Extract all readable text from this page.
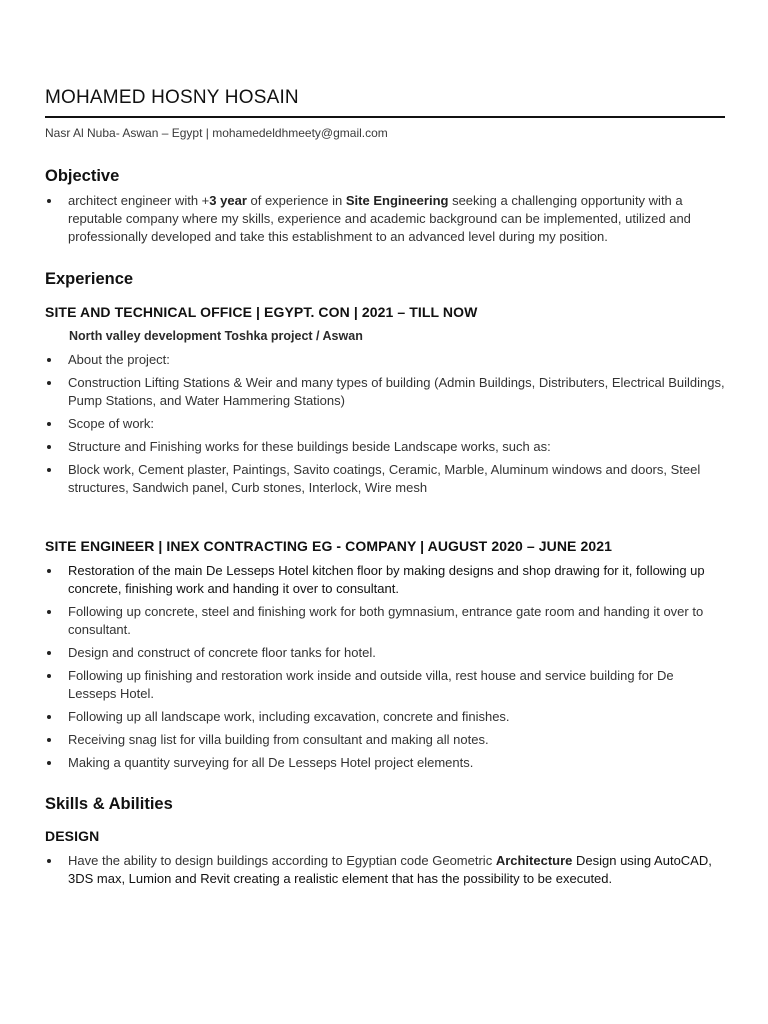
MOHAMED HOSNY HOSAIN
Nasr Al Nuba- Aswan – Egypt | mohamedeldhmeety@gmail.com
Objective
architect engineer with +3 year of experience in Site Engineering seeking a challenging opportunity with a reputable company where my skills, experience and academic background can be implemented, utilized and professionally developed and take this establishment to an advanced level during my position.
Experience
SITE AND TECHNICAL OFFICE | EGYPT. CON | 2021 – TILL NOW
North valley development Toshka project / Aswan
About the project:
Construction Lifting Stations & Weir and many types of building (Admin Buildings, Distributers, Electrical Buildings, Pump Stations, and Water Hammering Stations)
Scope of work:
Structure and Finishing works for these buildings beside Landscape works, such as:
Block work, Cement plaster, Paintings, Savito coatings, Ceramic, Marble, Aluminum windows and doors, Steel structures, Sandwich panel, Curb stones, Interlock, Wire mesh
SITE ENGINEER | INEX CONTRACTING EG - COMPANY | AUGUST 2020 – JUNE 2021
Restoration of the main De Lesseps Hotel kitchen floor by making designs and shop drawing for it, following up concrete, finishing work and handing it over to consultant.
Following up concrete, steel and finishing work for both gymnasium, entrance gate room and handing it over to consultant.
Design and construct of concrete floor tanks for hotel.
Following up finishing and restoration work inside and outside villa, rest house and service building for De Lesseps Hotel.
Following up all landscape work, including excavation, concrete and finishes.
Receiving snag list for villa building from consultant and making all notes.
Making a quantity surveying for all De Lesseps Hotel project elements.
Skills & Abilities
DESIGN
Have the ability to design buildings according to Egyptian code Geometric Architecture Design using AutoCAD, 3DS max, Lumion and Revit creating a realistic element that has the possibility to be executed.
